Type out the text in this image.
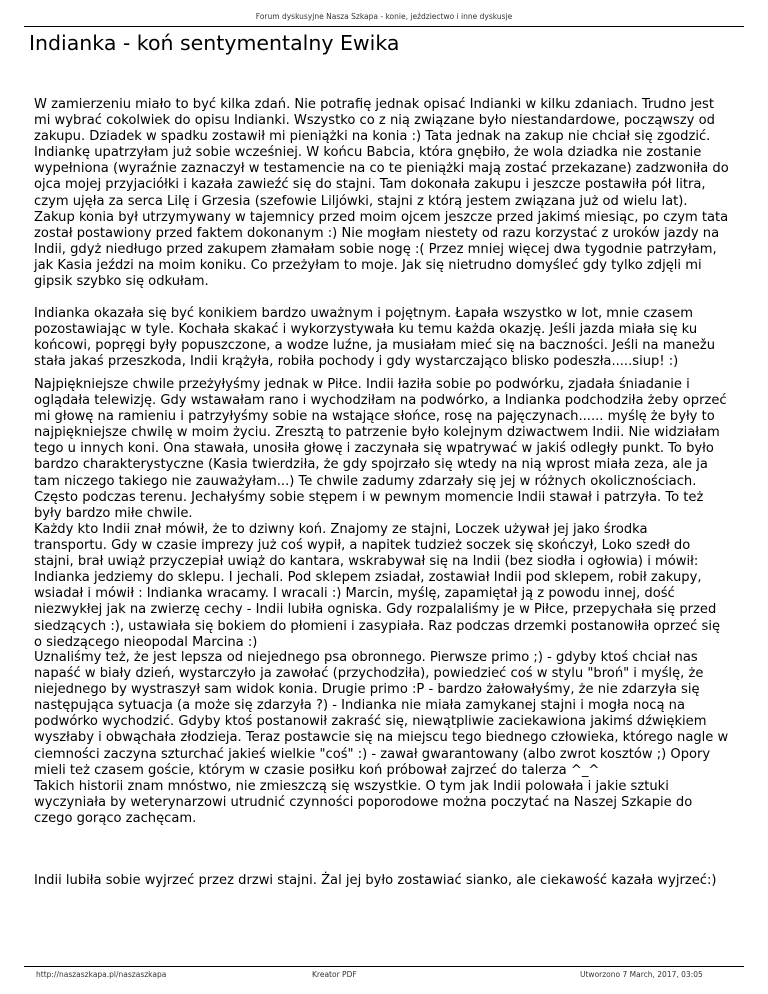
Forum dyskusyjne Nasza Szkapa - konie, jeździectwo i inne dyskusje
Indianka - koń sentymentalny Ewika

W zamierzeniu miało to być kilka zdań. Nie potrafię jednak opisać Indianki w kilku zdaniach. Trudno jest
mi wybrać cokolwiek do opisu Indianki. Wszystko co z nią związane było niestandardowe, począwszy od
zakupu. Dziadek w spadku zostawił mi pieniążki na konia :) Tata jednak na zakup nie chciał się zgodzić.
Indiankę upatrzyłam już sobie wcześniej. W końcu Babcia, która gnębiło, że wola dziadka nie zostanie
wypełniona (wyraźnie zaznaczył w testamencie na co te pieniążki mają zostać przekazane) zadzwoniła do
ojca mojej przyjaciółki i kazała zawieźć się do stajni. Tam dokonała zakupu i jeszcze postawiła pół litra,
czym ujęła za serca Lilę i Grzesia (szefowie Liljówki, stajni z którą jestem związana już od wielu lat).
Zakup konia był utrzymywany w tajemnicy przed moim ojcem jeszcze przed jakimś miesiąc, po czym tata
został postawiony przed faktem dokonanym :) Nie mogłam niestety od razu korzystać z uroków jazdy na
Indii, gdyż niedługo przed zakupem złamałam sobie nogę :( Przez mniej więcej dwa tygodnie patrzyłam,
jak Kasia jeździ na moim koniku. Co przeżyłam to moje. Jak się nietrudno domyśleć gdy tylko zdjęli mi
gipsik szybko się odkułam.

Indianka okazała się być konikiem bardzo uważnym i pojętnym. Łapała wszystko w lot, mnie czasem
pozostawiając w tyle. Kochała skakać i wykorzystywała ku temu każda okazję. Jeśli jazda miała się ku
końcowi, popręgi były popuszczone, a wodze luźne, ja musiałam mieć się na baczności. Jeśli na manežu
stała jakaś przeszkoda, Indii krążyła, robiła pochody i gdy wystarczająco blisko podeszła.....siup! :)

Najpiękniejsze chwile przeżyłyśmy jednak w Piłce. Indii łaziła sobie po podwórku, zjadała śniadanie i
oglądała telewizję. Gdy wstawałam rano i wychodziłam na podwórko, a Indianka podchodziła żeby oprzeć
mi głowę na ramieniu i patrzyłyśmy sobie na wstające słońce, rosę na pajęczynach...... myślę że były to
najpiękniejsze chwilę w moim życiu. Zresztą to patrzenie było kolejnym dziwactwem Indii. Nie widziałam
tego u innych koni. Ona stawała, unosiła głowę i zaczynała się wpatrywać w jakiś odległy punkt. To było
bardzo charakterystyczne (Kasia twierdziła, że gdy spojrzało się wtedy na nią wprost miała zeza, ale ja
tam niczego takiego nie zauważyłam...) Te chwile zadumy zdarzały się jej w różnych okolicznościach.
Często podczas terenu. Jechałyśmy sobie stępem i w pewnym momencie Indii stawał i patrzyła. To też
były bardzo miłe chwile.

Każdy kto Indii znał mówił, że to dziwny koń. Znajomy ze stajni, Loczek używał jej jako środka
transportu. Gdy w czasie imprezy już coś wypił, a napitek tudzież soczek się skończył, Loko szedł do
stajni, brał uwiąż przyczepiał uwiąż do kantara, wskrabywał się na Indii (bez siodła i ogłowia) i mówił:
Indianka jedziemy do sklepu. I jechali. Pod sklepem zsiadał, zostawiał Indii pod sklepem, robił zakupy,
wsiadał i mówił : Indianka wracamy. I wracali :) Marcin, myślę, zapamiętał ją z powodu innej, dość
niezwykłej jak na zwierzę cechy - Indii lubiła ogniska. Gdy rozpalaliśmy je w Piłce, przepychała się przed
siedzących :), ustawiała się bokiem do płomieni i zasypiała. Raz podczas drzemki postanowiła oprzeć się
o siedzącego nieopodal Marcina :)

Uznaliśmy też, że jest lepsza od niejednego psa obronnego. Pierwsze primo ;) - gdyby ktoś chciał nas
napaść w biały dzień, wystarczyło ja zawołać (przychodziła), powiedzieć coś w stylu "broń" i myślę, że
niejednego by wystraszył sam widok konia. Drugie primo :P - bardzo żałowałyśmy, że nie zdarzyła się
następująca sytuacja (a może się zdarzyła ?) - Indianka nie miała zamykanej stajni i mogła nocą na
podwórko wychodzić. Gdyby ktoś postanowił zakraść się, niewątpliwie zaciekawiona jakimś dźwiękiem
wyszłaby i obwąchała złodzieja. Teraz postawcie się na miejscu tego biednego człowieka, którego nagle w
ciemności zaczyna szturchać jakieś wielkie "coś" :) - zawał gwarantowany (albo zwrot kosztów ;) Opory
mieli też czasem goście, którym w czasie posiłku koń próbował zajrzeć do talerza ^_^

Takich historii znam mnóstwo, nie zmieszczą się wszystkie. O tym jak Indii polowała i jakie sztuki
wyczyniała by weterynarzowi utrudnić czynności poporodowe można poczytać na Naszej Szkapie do
czego gorąco zachęcam.

Indii lubiła sobie wyjrzeć przez drzwi stajni. Żal jej było zostawiać sianko, ale ciekawość kazała wyjrzeć:)

http://naszaszkapa.pl/naszaszkapa	Kreator PDF	Utworzono 7 March, 2017, 03:05
